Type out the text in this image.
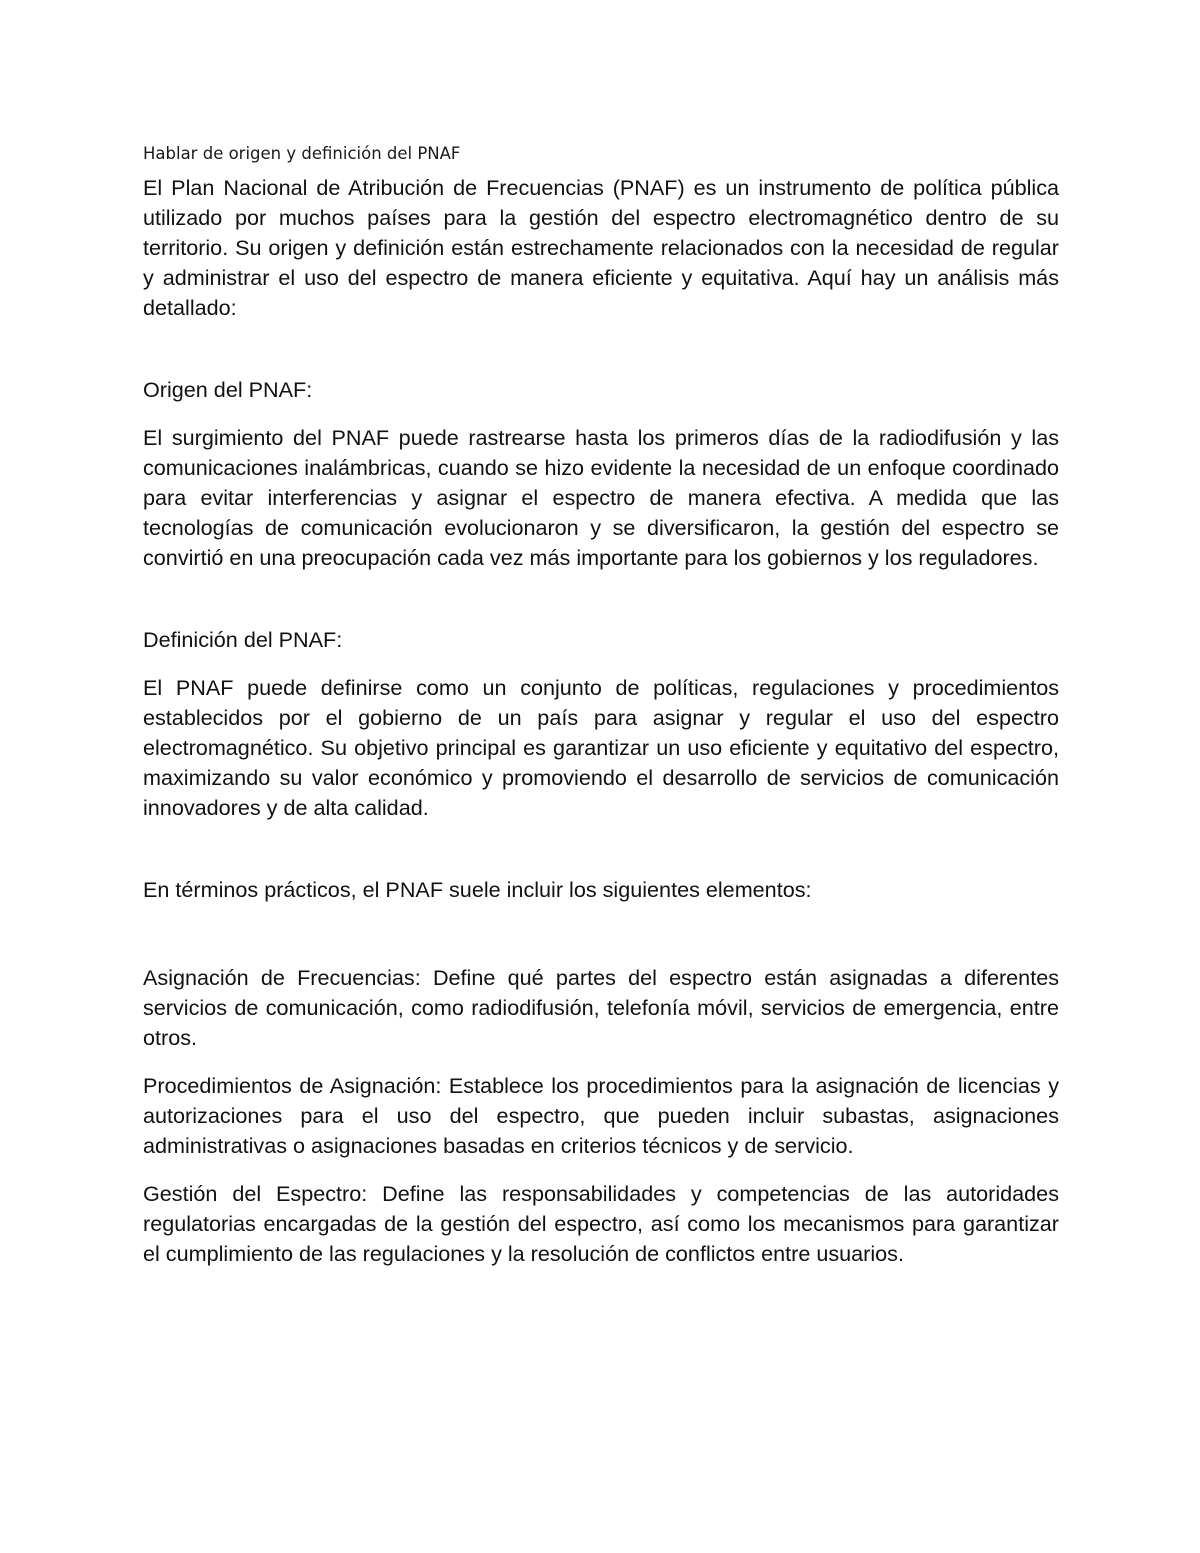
Hablar de origen y definición del PNAF

El Plan Nacional de Atribución de Frecuencias (PNAF) es un instrumento de política pública utilizado por muchos países para la gestión del espectro electromagnético dentro de su territorio. Su origen y definición están estrechamente relacionados con la necesidad de regular y administrar el uso del espectro de manera eficiente y equitativa. Aquí hay un análisis más detallado:

Origen del PNAF:

El surgimiento del PNAF puede rastrearse hasta los primeros días de la radiodifusión y las comunicaciones inalámbricas, cuando se hizo evidente la necesidad de un enfoque coordinado para evitar interferencias y asignar el espectro de manera efectiva. A medida que las tecnologías de comunicación evolucionaron y se diversificaron, la gestión del espectro se convirtió en una preocupación cada vez más importante para los gobiernos y los reguladores.

Definición del PNAF:

El PNAF puede definirse como un conjunto de políticas, regulaciones y procedimientos establecidos por el gobierno de un país para asignar y regular el uso del espectro electromagnético. Su objetivo principal es garantizar un uso eficiente y equitativo del espectro, maximizando su valor económico y promoviendo el desarrollo de servicios de comunicación innovadores y de alta calidad.

En términos prácticos, el PNAF suele incluir los siguientes elementos:

Asignación de Frecuencias: Define qué partes del espectro están asignadas a diferentes servicios de comunicación, como radiodifusión, telefonía móvil, servicios de emergencia, entre otros.

Procedimientos de Asignación: Establece los procedimientos para la asignación de licencias y autorizaciones para el uso del espectro, que pueden incluir subastas, asignaciones administrativas o asignaciones basadas en criterios técnicos y de servicio.

Gestión del Espectro: Define las responsabilidades y competencias de las autoridades regulatorias encargadas de la gestión del espectro, así como los mecanismos para garantizar el cumplimiento de las regulaciones y la resolución de conflictos entre usuarios.
